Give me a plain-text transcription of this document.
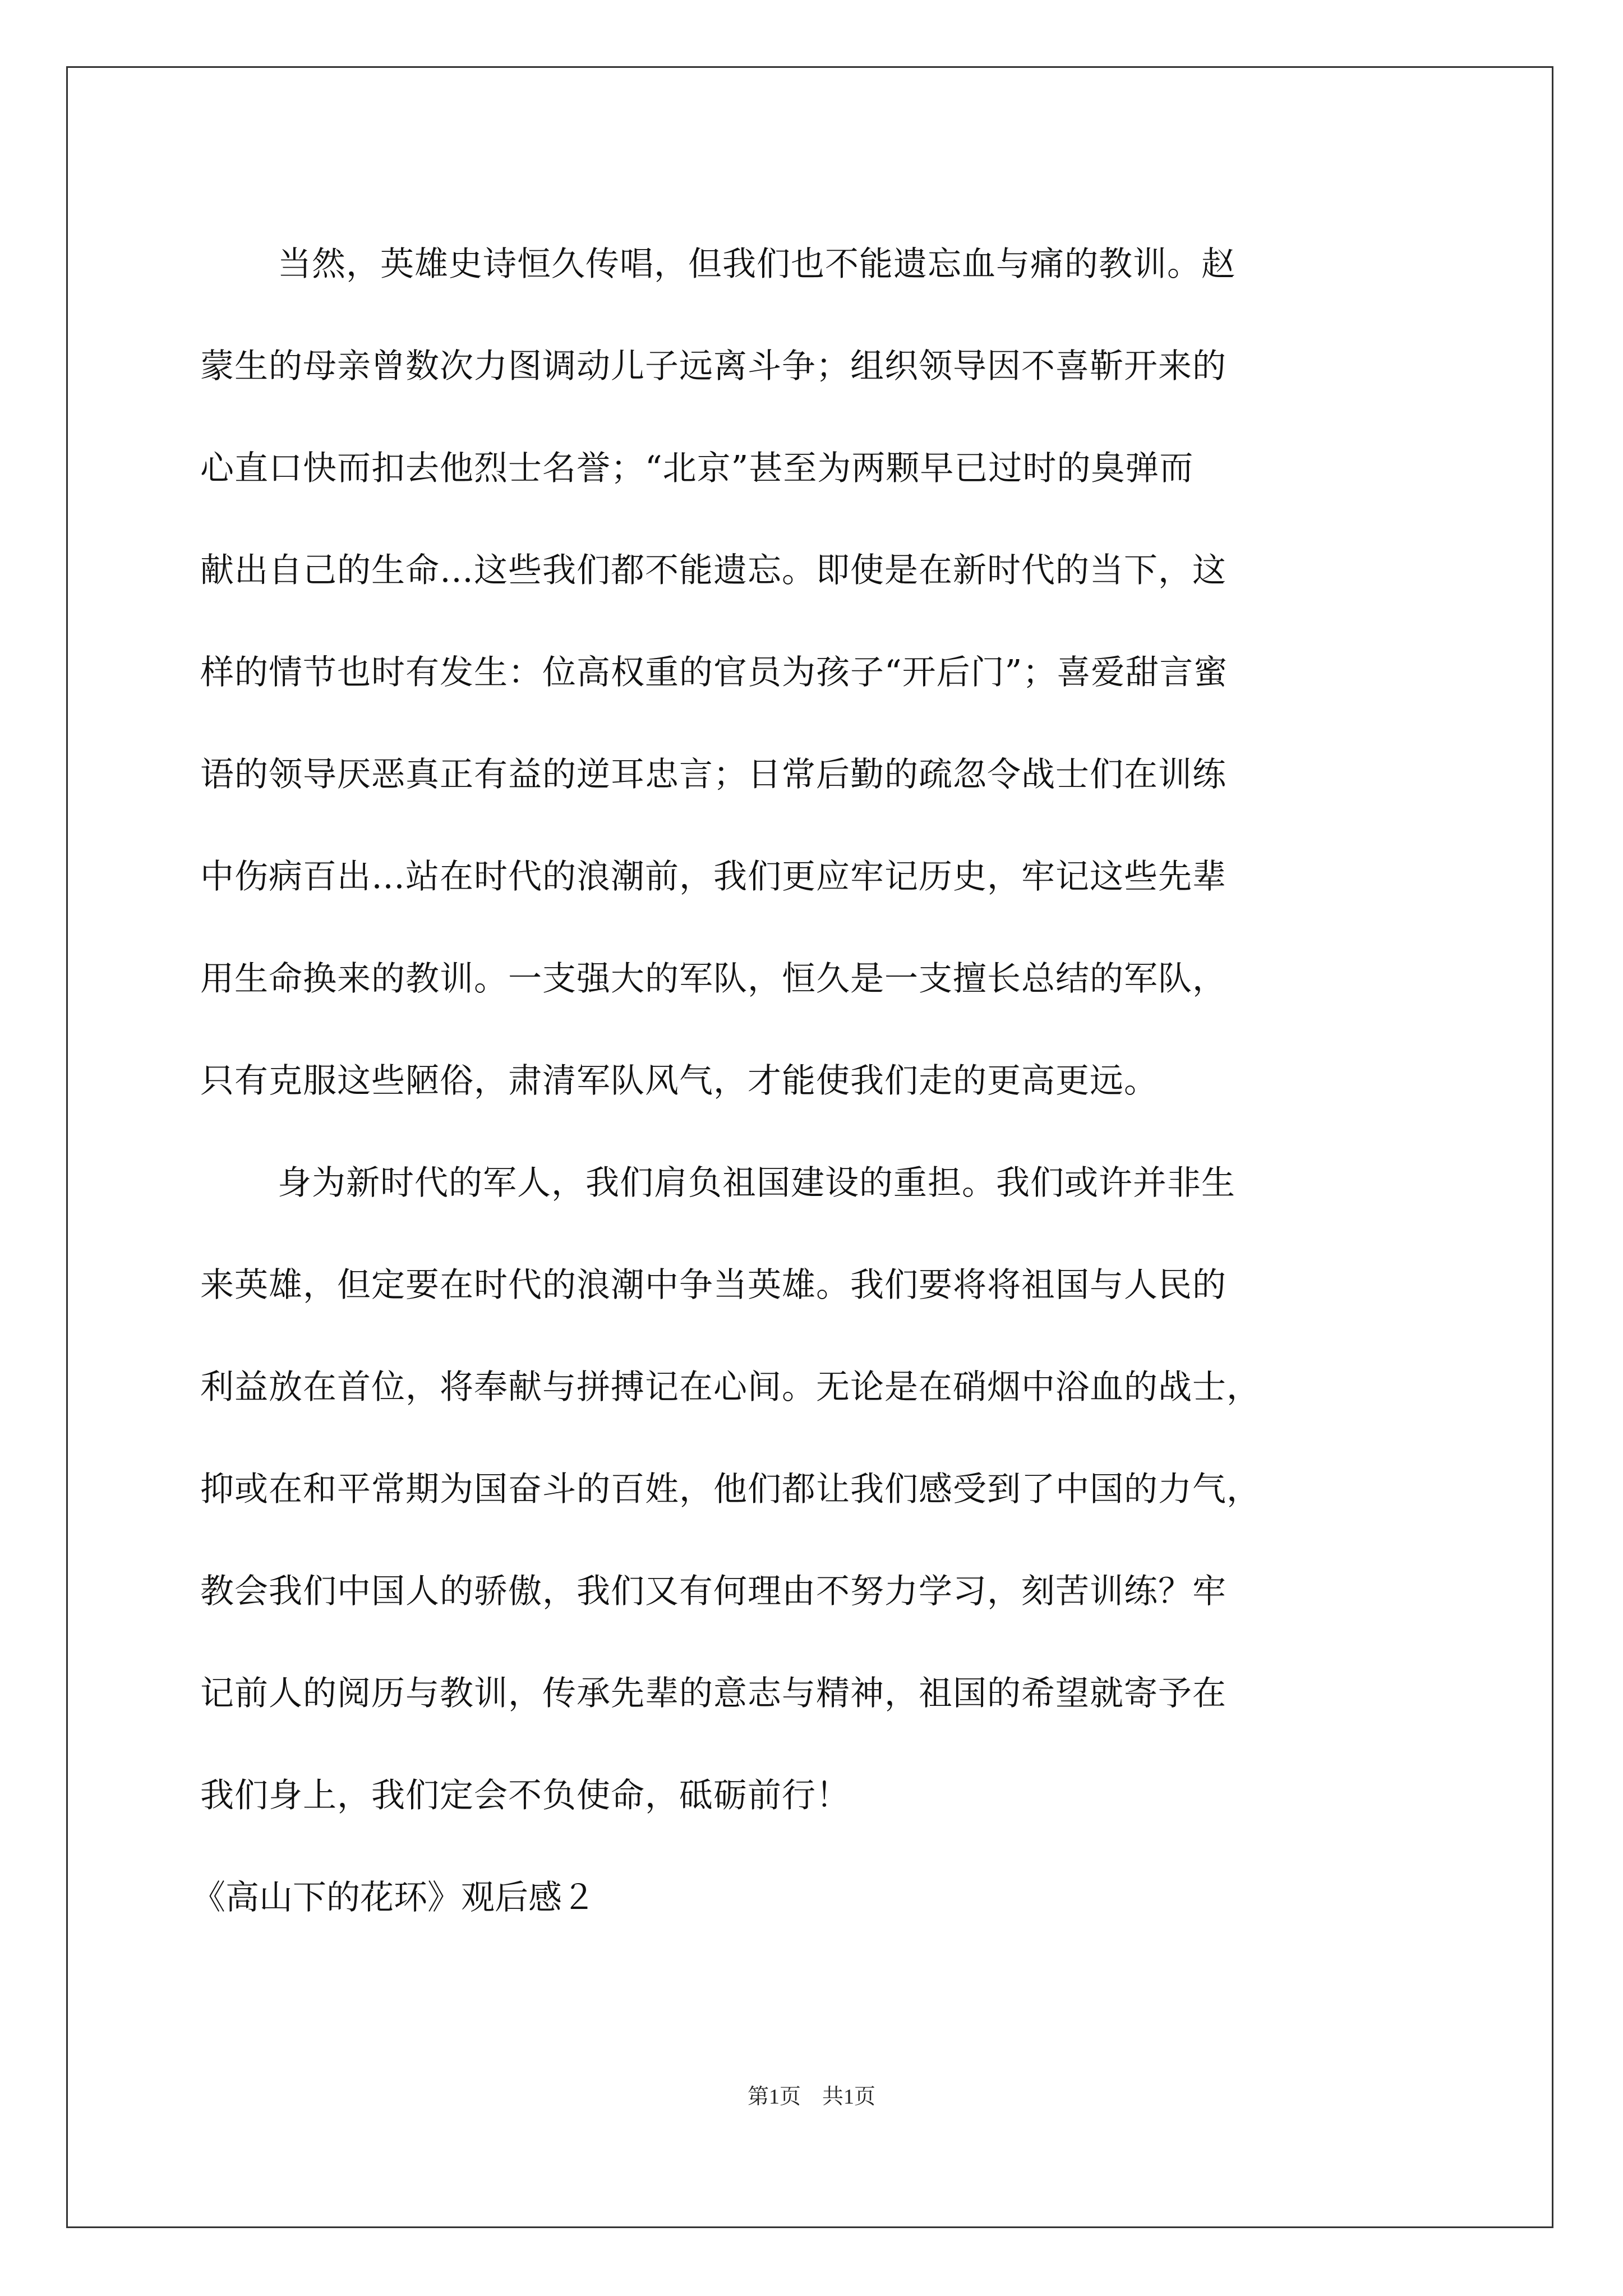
当然，英雄史诗恒久传唱，但我们也不能遗忘血与痛的教训。赵
蒙生的母亲曾数次力图调动儿子远离斗争；组织领导因不喜靳开来的
心直口快而扣去他烈士名誉；“北京”甚至为两颗早已过时的臭弹而
献出自己的生命…这些我们都不能遗忘。即使是在新时代的当下，这
样的情节也时有发生：位高权重的官员为孩子“开后门”；喜爱甜言蜜
语的领导厌恶真正有益的逆耳忠言；日常后勤的疏忽令战士们在训练
中伤病百出…站在时代的浪潮前，我们更应牢记历史，牢记这些先辈
用生命换来的教训。一支强大的军队，恒久是一支擅长总结的军队，
只有克服这些陋俗，肃清军队风气，才能使我们走的更高更远。
身为新时代的军人，我们肩负祖国建设的重担。我们或许并非生
来英雄，但定要在时代的浪潮中争当英雄。我们要将将祖国与人民的
利益放在首位，将奉献与拼搏记在心间。无论是在硝烟中浴血的战士，
抑或在和平常期为国奋斗的百姓，他们都让我们感受到了中国的力气，
教会我们中国人的骄傲，我们又有何理由不努力学习，刻苦训练？牢
记前人的阅历与教训，传承先辈的意志与精神，祖国的希望就寄予在
我们身上，我们定会不负使命，砥砺前行！
《高山下的花环》观后感２
第1页　共1页
